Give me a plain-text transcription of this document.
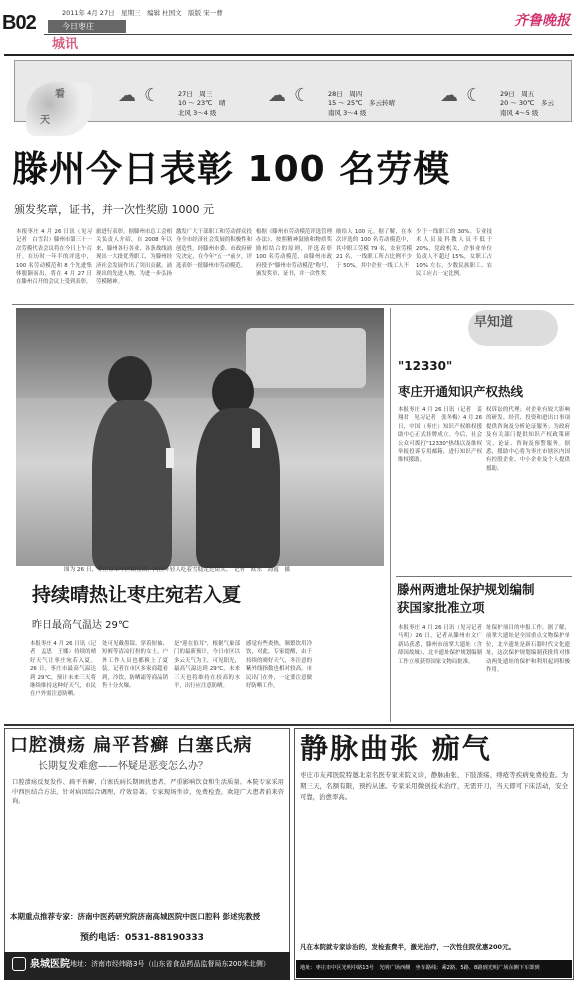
B02	2011年 4月 27日　星期三　编辑 杜国文　版版 宋一曹
今日枣庄
城讯
齐鲁晚报
看
天
☁☾ 27日　周三
10 ～ 23℃　晴
北风 3～4 级
☁☾ 28日　周四
15 ～ 25℃　多云转晴
南风 3～4 级
☁☾ 29日　周五
20 ～ 30℃　多云
南风 4～5 级
滕州今日表彰 100 名劳模
颁发奖章，证书，并一次性奖励 1000 元
本报枣庄 4 月 26 日讯（见习记者　白雪岩）滕州市第三十一次劳模代表会议将在今日上午召开。在历时一年半的评选中，100 名劳动模范和 8 个先进集体脱颖而出，将在 4 月 27 日在滕州召开的会议上受到表彰。
旅进行表彰。据滕州市总工会相关负责人介绍，自 2008 年以来，滕州各行各业、各条战线涌现出一大批优秀职工，为滕州经济社会发展作出了突出贡献，涌现出的先进人物，为进一步弘扬劳模精神。
激发广大干部职工和劳动群众投身全市经济社会发展的积极性和创造性，经滕州市委、市政府研究决定，在今年"五一"前夕，评选表彰一批滕州市劳动模范。
根据《滕州市劳动模范评选管理办法》，按照精神鼓励和物质奖励相结合的原则，评选表彰 100 名劳动模范，由滕州市政府授予"滕州市劳动模范"称号，颁发奖章、证书，并一次性奖
励给人 100 元。据了解，在本次评选的 100 名劳动模范中，其中职工劳模 79 名，农业劳模 21 名，一线职工所占比例不少于 50%，其中企业一线工人不
少于一线职工的 30%。专业技术人员及科教人员不低于 20%，党政机关、企事业单位负责人不超过 15%，女职工占 10% 左右，少数民族职工、农民工应占一定比例。
图为 26 日，枣庄市市中区街岳街，两位年轻人吃着雪糕走过街头。　记者　欧东　海霞　摄
持续晴热让枣庄宛若入夏
昨日最高气温达 29℃
本报枣庄 4 月 26 日讯（记者　孟思　王娜）持续的晴好天气让枣庄宛若入夏。26 日，枣庄市最高气温达到 29℃，预计未来三天将继续维持这种好天气，市民在户外需注意防晒。
处可见戴墨镜、穿着短袖、短裤等清凉打扮的女士，户外工作人员也都换上了夏装。记者在市区多家商超看到，冷饮、防晒霜等商品销售十分火爆。
是"迎在伯耳"，根据气象部门的最新预计，今日市区以多云天气为主，可见阳光，最高气温达到 29℃，未来三天也将维持在较高的水平，出行应注意防晒。
感觉有些炎热，频繁饮用冷饮，对此，专家提醒，由于持续的晴好天气，冬注意的紫外线指数也相对较高，市民出门在外，一定要注意做好防晒工作。
早知道
"12330"
枣庄开通知识产权热线
本报枣庄 4 月 26 日讯（记者　姜翔君　见习记者　张冬梅）4 月 26 日，中国（枣庄）知识产权维权援助中心正式挂牌成立。今后，社会公众可拨打"12330"热线以及维权举报投诉专用邮箱，进行知识产权维权援助。
权诉讼的代理；对企业有较大影响的研发、经营、投资和进出口事项提供咨询及分析论证服务；为政府及有关部门提供知识产权政策研究、论证、咨询及预警服务。据悉，援助中心将为枣庄市辖区内国有控股企业、中小企业及个人提供援助。
滕州两遗址保护规划编制
获国家批准立项
本报枣庄 4 月 26 日讯（见习记者　马明）26 日，记者从滕州市文广新局获悉，滕州市前掌大遗址（含薛国故城）、北辛遗址保护规划编制工作立项获得国家文物局批准。
址保护项目的申报工作。据了解，前掌大遗址是全国重点文物保护单位，北辛遗址是新石器时代文化遗址，这次保护规划编制获批将对推动两处遗址的保护和利用起到积极作用。
口腔溃疡 扁平苔癣 白塞氏病
长期复发难愈——怀疑是恶变怎么办？
口腔溃疡反复发作、扁平苔癣、白塞氏病长期困扰患者，严重影响饮食和生活质量。本院专家采用中西医结合方法，针对病因综合调理，疗效显著。专家现场坐诊，免费检查，欢迎广大患者前来咨询。
本期重点推荐专家：济南中医药研究院济南高城医院中医口腔科 彭述宪教授
预约电话：0531-88190333
泉城医院 地址：济南市经纬路3号（山东省食品药品监督局东200米北侧）
静脉曲张 痂气
枣庄市友邦医院特邀北京名医专家来院义诊，静脉曲张、下肢溃疡、痔疮等疾病免费检查。为期三天，名额有限，预约从速。专家采用微创技术治疗，无需开刀，当天即可下床活动，安全可靠，治愈率高。
凡在本院就专家诊治的，发检查费半，激光治疗，一次性住院优惠200元。
地址：枣庄市中区光明中路13号　光明广场西侧　坐车路线：乘2路、5路、8路到光明广场东侧下车即到
